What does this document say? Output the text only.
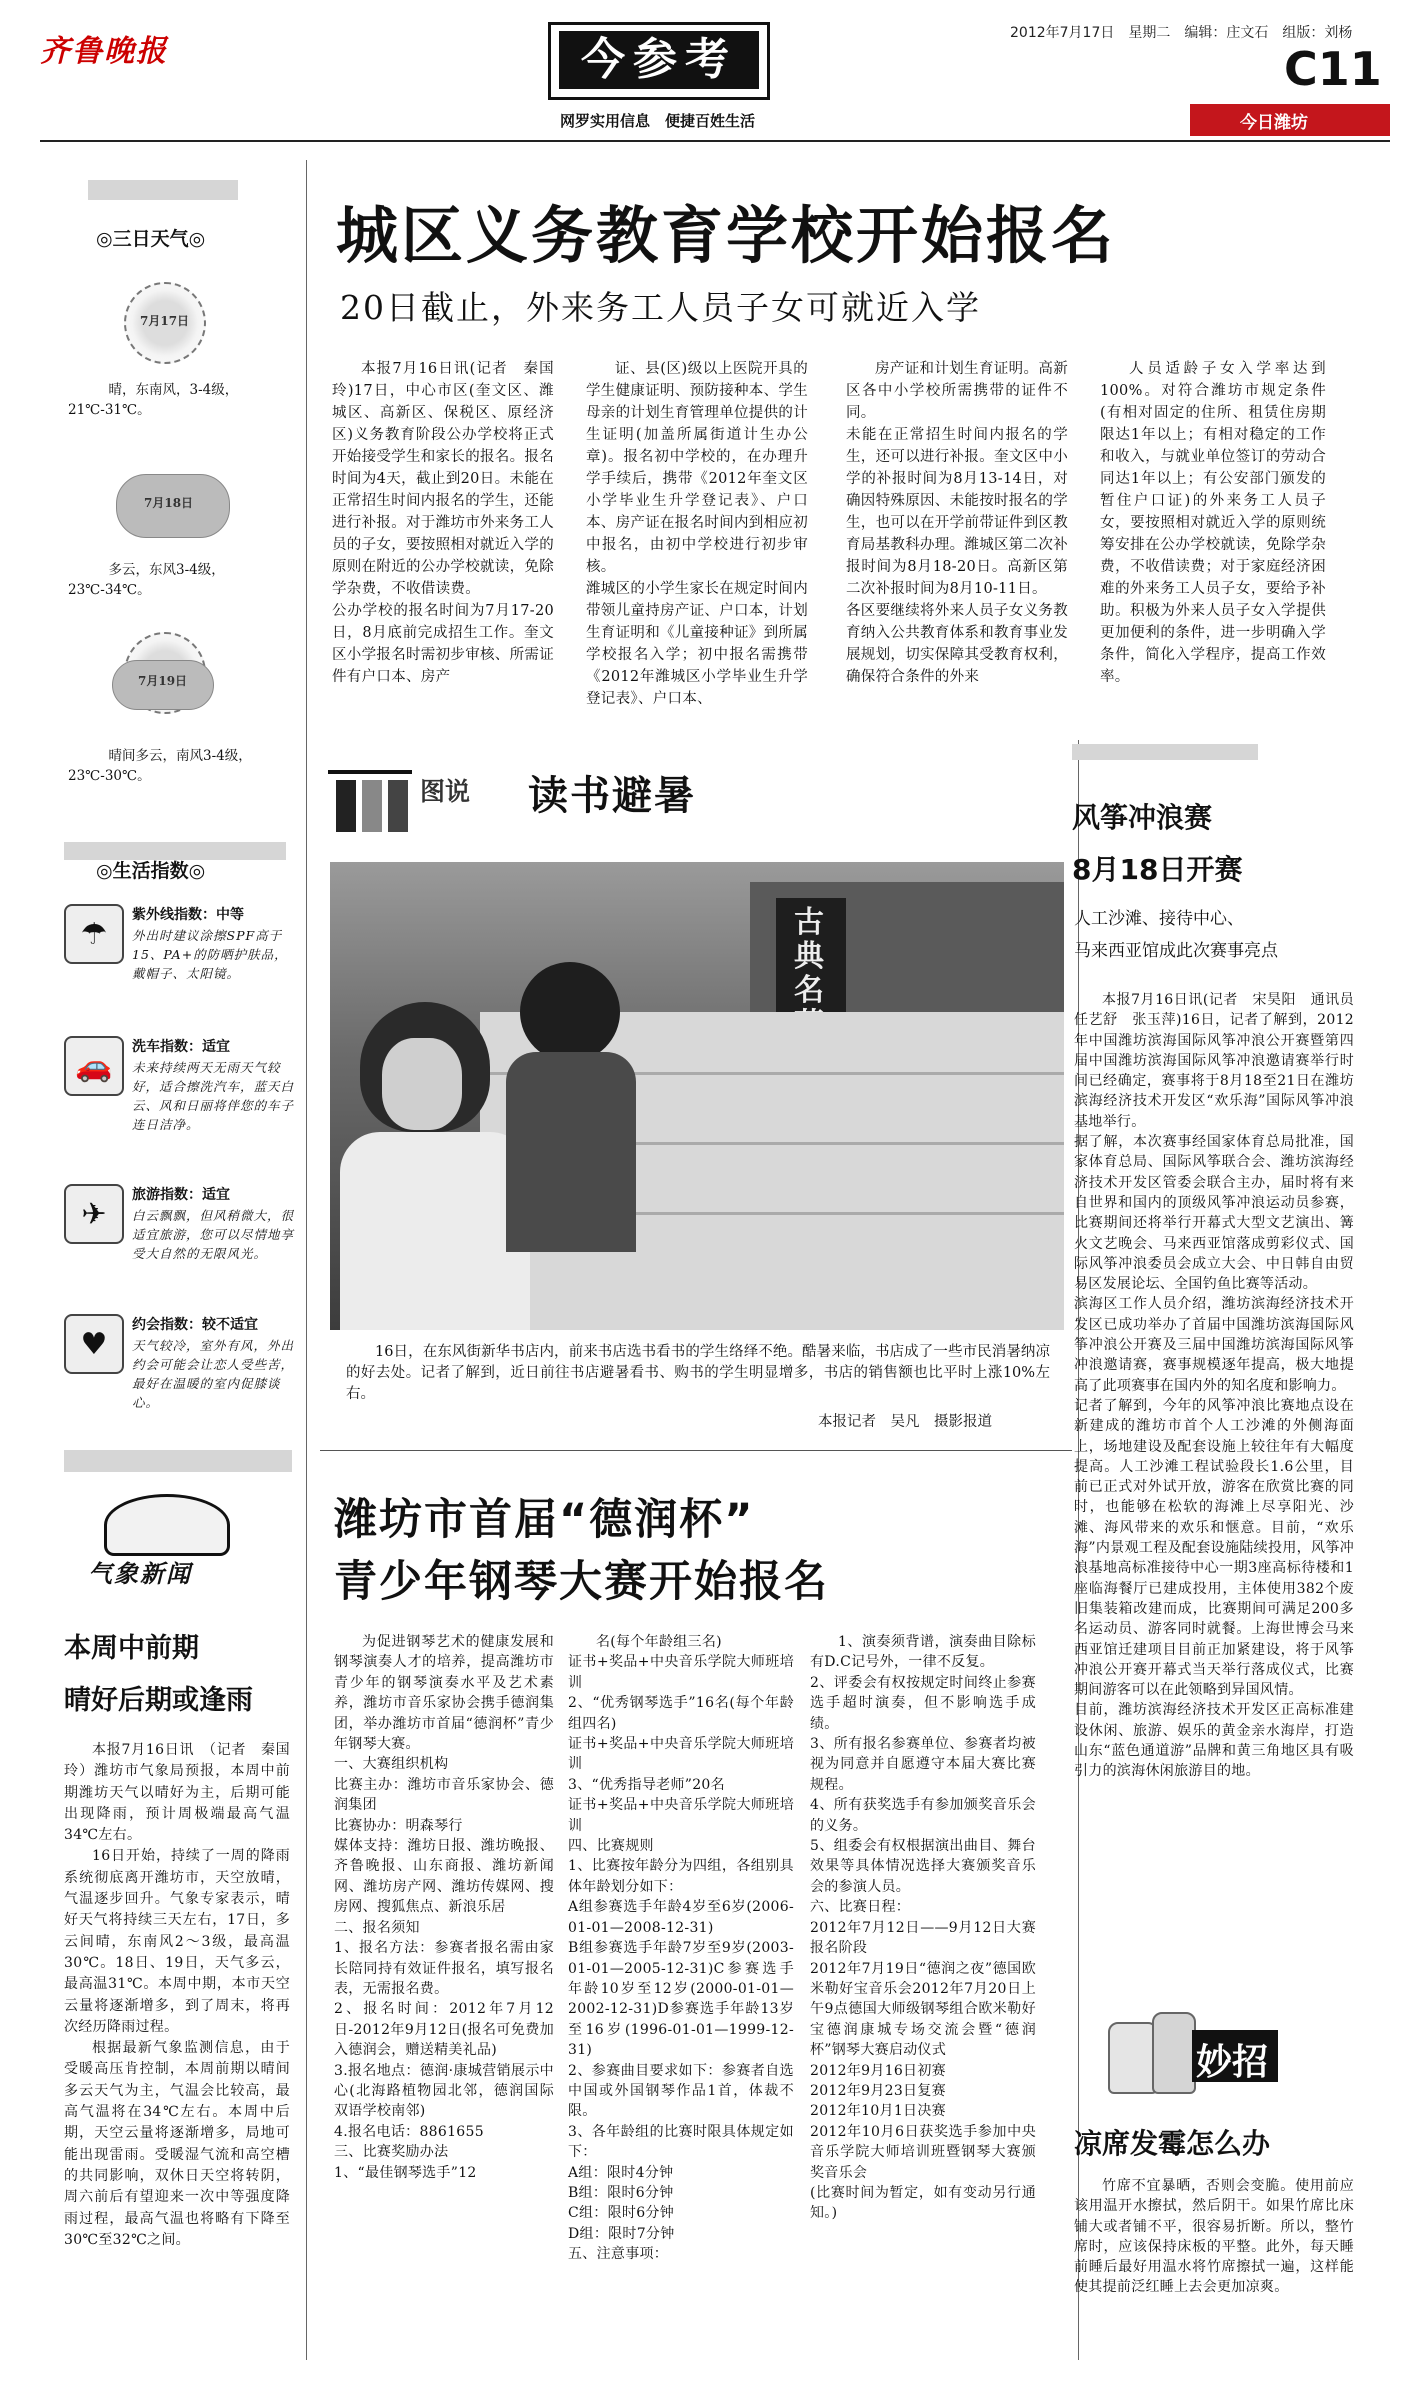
齐鲁晚报	今参考
网罗实用信息　便捷百姓生活
2012年7月17日　星期二　编辑：庄文石　组版：刘杨
C11
今日潍坊
◎三日天气◎
7月17日
晴，东南风，3-4级，21℃-31℃。
7月18日
多云，东风3-4级，23℃-34℃。
7月19日
晴间多云，南风3-4级，23℃-30℃。
◎生活指数◎
☂
紫外线指数：中等
外出时建议涂擦SPF高于15、PA+的防晒护肤品，戴帽子、太阳镜。
🚗
洗车指数：适宜
未来持续两天无雨天气较好，适合擦洗汽车，蓝天白云、风和日丽将伴您的车子连日洁净。
✈
旅游指数：适宜
白云飘飘，但风稍微大，很适宜旅游，您可以尽情地享受大自然的无限风光。
♥
约会指数：较不适宜
天气较冷，室外有风，外出约会可能会让恋人受些苦，最好在温暖的室内促膝谈心。
气象新闻
本周中前期
晴好后期或逢雨

本报7月16日讯　（记者　秦国玲）潍坊市气象局预报，本周中前期潍坊天气以晴好为主，后期可能出现降雨，预计周极端最高气温34℃左右。

16日开始，持续了一周的降雨系统彻底离开潍坊市，天空放晴，气温逐步回升。气象专家表示，晴好天气将持续三天左右，17日，多云间晴，东南风2～3级，最高温30℃。18日、19日，天气多云，最高温31℃。本周中期，本市天空云量将逐渐增多，到了周末，将再次经历降雨过程。

根据最新气象监测信息，由于受暖高压肯控制，本周前期以晴间多云天气为主，气温会比较高，最高气温将在34℃左右。本周中后期，天空云量将逐渐增多，局地可能出现雷雨。受暖湿气流和高空槽的共同影响，双休日天空将转阴，周六前后有望迎来一次中等强度降雨过程，最高气温也将略有下降至30℃至32℃之间。

城区义务教育学校开始报名
20日截止，外来务工人员子女可就近入学
本报7月16日讯(记者　秦国玲)17日，中心市区(奎文区、潍城区、高新区、保税区、原经济区)义务教育阶段公办学校将正式开始接受学生和家长的报名。报名时间为4天，截止到20日。未能在正常招生时间内报名的学生，还能进行补报。对于潍坊市外来务工人员的子女，要按照相对就近入学的原则在附近的公办学校就读，免除学杂费，不收借读费。
公办学校的报名时间为7月17-20日，8月底前完成招生工作。奎文区小学报名时需初步审核、所需证件有户口本、房产
证、县(区)级以上医院开具的学生健康证明、预防接种本、学生母亲的计划生育管理单位提供的计生证明(加盖所属街道计生办公章)。报名初中学校的，在办理升学手续后，携带《2012年奎文区小学毕业生升学登记表》、户口本、房产证在报名时间内到相应初中报名，由初中学校进行初步审核。
潍城区的小学生家长在规定时间内带领儿童持房产证、户口本，计划生育证明和《儿童接种证》到所属学校报名入学；初中报名需携带《2012年潍城区小学毕业生升学登记表》、户口本、
房产证和计划生育证明。高新区各中小学校所需携带的证件不同。
未能在正常招生时间内报名的学生，还可以进行补报。奎文区中小学的补报时间为8月13-14日，对确因特殊原因、未能按时报名的学生，也可以在开学前带证件到区教育局基教科办理。潍城区第二次补报时间为8月18-20日。高新区第二次补报时间为8月10-11日。
各区要继续将外来人员子女义务教育纳入公共教育体系和教育事业发展规划，切实保障其受教育权利，确保符合条件的外来
人员适龄子女入学率达到100%。对符合潍坊市规定条件(有相对固定的住所、租赁住房期限达1年以上；有相对稳定的工作和收入，与就业单位签订的劳动合同达1年以上；有公安部门颁发的暂住户口证)的外来务工人员子女，要按照相对就近入学的原则统筹安排在公办学校就读，免除学杂费，不收借读费；对于家庭经济困难的外来务工人员子女，要给予补助。积极为外来人员子女入学提供更加便利的条件，进一步明确入学条件，简化入学程序，提高工作效率。
图说 读书避暑
古典名
16日，在东风街新华书店内，前来书店选书看书的学生络绎不绝。酷暑来临，书店成了一些市民消暑纳凉的好去处。记者了解到，近日前往书店避暑看书、购书的学生明显增多，书店的销售额也比平时上涨10%左右。
本报记者　吴凡　摄影报道
风筝冲浪赛
8月18日开赛
人工沙滩、接待中心、
马来西亚馆成此次赛事亮点
本报7月16日讯(记者　宋昊阳　通讯员　任艺舒　张玉萍)16日，记者了解到，2012年中国潍坊滨海国际风筝冲浪公开赛暨第四届中国潍坊滨海国际风筝冲浪邀请赛举行时间已经确定，赛事将于8月18至21日在潍坊滨海经济技术开发区“欢乐海”国际风筝冲浪基地举行。
据了解，本次赛事经国家体育总局批准，国家体育总局、国际风筝联合会、潍坊滨海经济技术开发区管委会联合主办，届时将有来自世界和国内的顶级风筝冲浪运动员参赛，比赛期间还将举行开幕式大型文艺演出、篝火文艺晚会、马来西亚馆落成剪彩仪式、国际风筝冲浪委员会成立大会、中日韩自由贸易区发展论坛、全国钓鱼比赛等活动。
滨海区工作人员介绍，潍坊滨海经济技术开发区已成功举办了首届中国潍坊滨海国际风筝冲浪公开赛及三届中国潍坊滨海国际风筝冲浪邀请赛，赛事规模逐年提高，极大地提高了此项赛事在国内外的知名度和影响力。
记者了解到，今年的风筝冲浪比赛地点设在新建成的潍坊市首个人工沙滩的外侧海面上，场地建设及配套设施上较往年有大幅度提高。人工沙滩工程试验段长1.6公里，目前已正式对外试开放，游客在欣赏比赛的同时，也能够在松软的海滩上尽享阳光、沙滩、海风带来的欢乐和惬意。目前，“欢乐海”内景观工程及配套设施陆续投用，风筝冲浪基地高标准接待中心一期3座高标待楼和1座临海餐厅已建成投用，主体使用382个废旧集装箱改建而成，比赛期间可满足200多名运动员、游客同时就餐。上海世博会马来西亚馆迁建项目目前正加紧建设，将于风筝冲浪公开赛开幕式当天举行落成仪式，比赛期间游客可以在此领略到异国风情。
目前，潍坊滨海经济技术开发区正高标准建设休闲、旅游、娱乐的黄金亲水海岸，打造山东“蓝色通道游”品牌和黄三角地区具有吸引力的滨海休闲旅游目的地。
妙招
凉席发霉怎么办
竹席不宜暴晒，否则会变脆。使用前应该用温开水擦拭，然后阴干。如果竹席比床铺大或者铺不平，很容易折断。所以，整竹席时，应该保持床板的平整。此外，每天睡前睡后最好用温水将竹席擦拭一遍，这样能使其提前泛红睡上去会更加凉爽。
潍坊市首届“德润杯”
青少年钢琴大赛开始报名
为促进钢琴艺术的健康发展和钢琴演奏人才的培养，提高潍坊市青少年的钢琴演奏水平及艺术素养，潍坊市音乐家协会携手德润集团，举办潍坊市首届“德润杯”青少年钢琴大赛。
一、大赛组织机构
比赛主办：潍坊市音乐家协会、德润集团
比赛协办：明森琴行
媒体支持：潍坊日报、潍坊晚报、齐鲁晚报、山东商报、潍坊新闻网、潍坊房产网、潍坊传媒网、搜房网、搜狐焦点、新浪乐居
二、报名须知
1、报名方法：参赛者报名需由家长陪同持有效证件报名，填写报名表，无需报名费。
2、报名时间：2012年7月12日-2012年9月12日(报名可免费加入德润会，赠送精美礼品)
3.报名地点：德润·康城营销展示中心(北海路植物园北邻，德润国际双语学校南邻)
4.报名电话：8861655
三、比赛奖励办法
1、“最佳钢琴选手”12
名(每个年龄组三名)
证书+奖品+中央音乐学院大师班培训
2、“优秀钢琴选手”16名(每个年龄组四名)
证书+奖品+中央音乐学院大师班培训
3、“优秀指导老师”20名
证书+奖品+中央音乐学院大师班培训
四、比赛规则
1、比赛按年龄分为四组，各组别具体年龄划分如下：
A组参赛选手年龄4岁至6岁(2006-01-01—2008-12-31)
B组参赛选手年龄7岁至9岁(2003-01-01—2005-12-31)C参赛选手年龄10岁至12岁(2000-01-01—2002-12-31)D参赛选手年龄13岁至16岁(1996-01-01—1999-12-31)
2、参赛曲目要求如下：参赛者自选中国或外国钢琴作品1首，体裁不限。
3、各年龄组的比赛时限具体规定如下：
A组：限时4分钟
B组：限时6分钟
C组：限时6分钟
D组：限时7分钟
五、注意事项：
1、演奏须背谱，演奏曲目除标有D.C记号外，一律不反复。
2、评委会有权按规定时间终止参赛选手超时演奏，但不影响选手成绩。
3、所有报名参赛单位、参赛者均被视为同意并自愿遵守本届大赛比赛规程。
4、所有获奖选手有参加颁奖音乐会的义务。
5、组委会有权根据演出曲目、舞台效果等具体情况选择大赛颁奖音乐会的参演人员。
六、比赛日程：
2012年7月12日——9月12日大赛报名阶段
2012年7月19日“德润之夜”德国欧米勒好宝音乐会2012年7月20日上午9点德国大师级钢琴组合欧米勒好宝德润康城专场交流会暨“德润杯”钢琴大赛启动仪式
2012年9月16日初赛
2012年9月23日复赛
2012年10月1日决赛
2012年10月6日获奖选手参加中央音乐学院大师培训班暨钢琴大赛颁奖音乐会
(比赛时间为暂定，如有变动另行通知。)
